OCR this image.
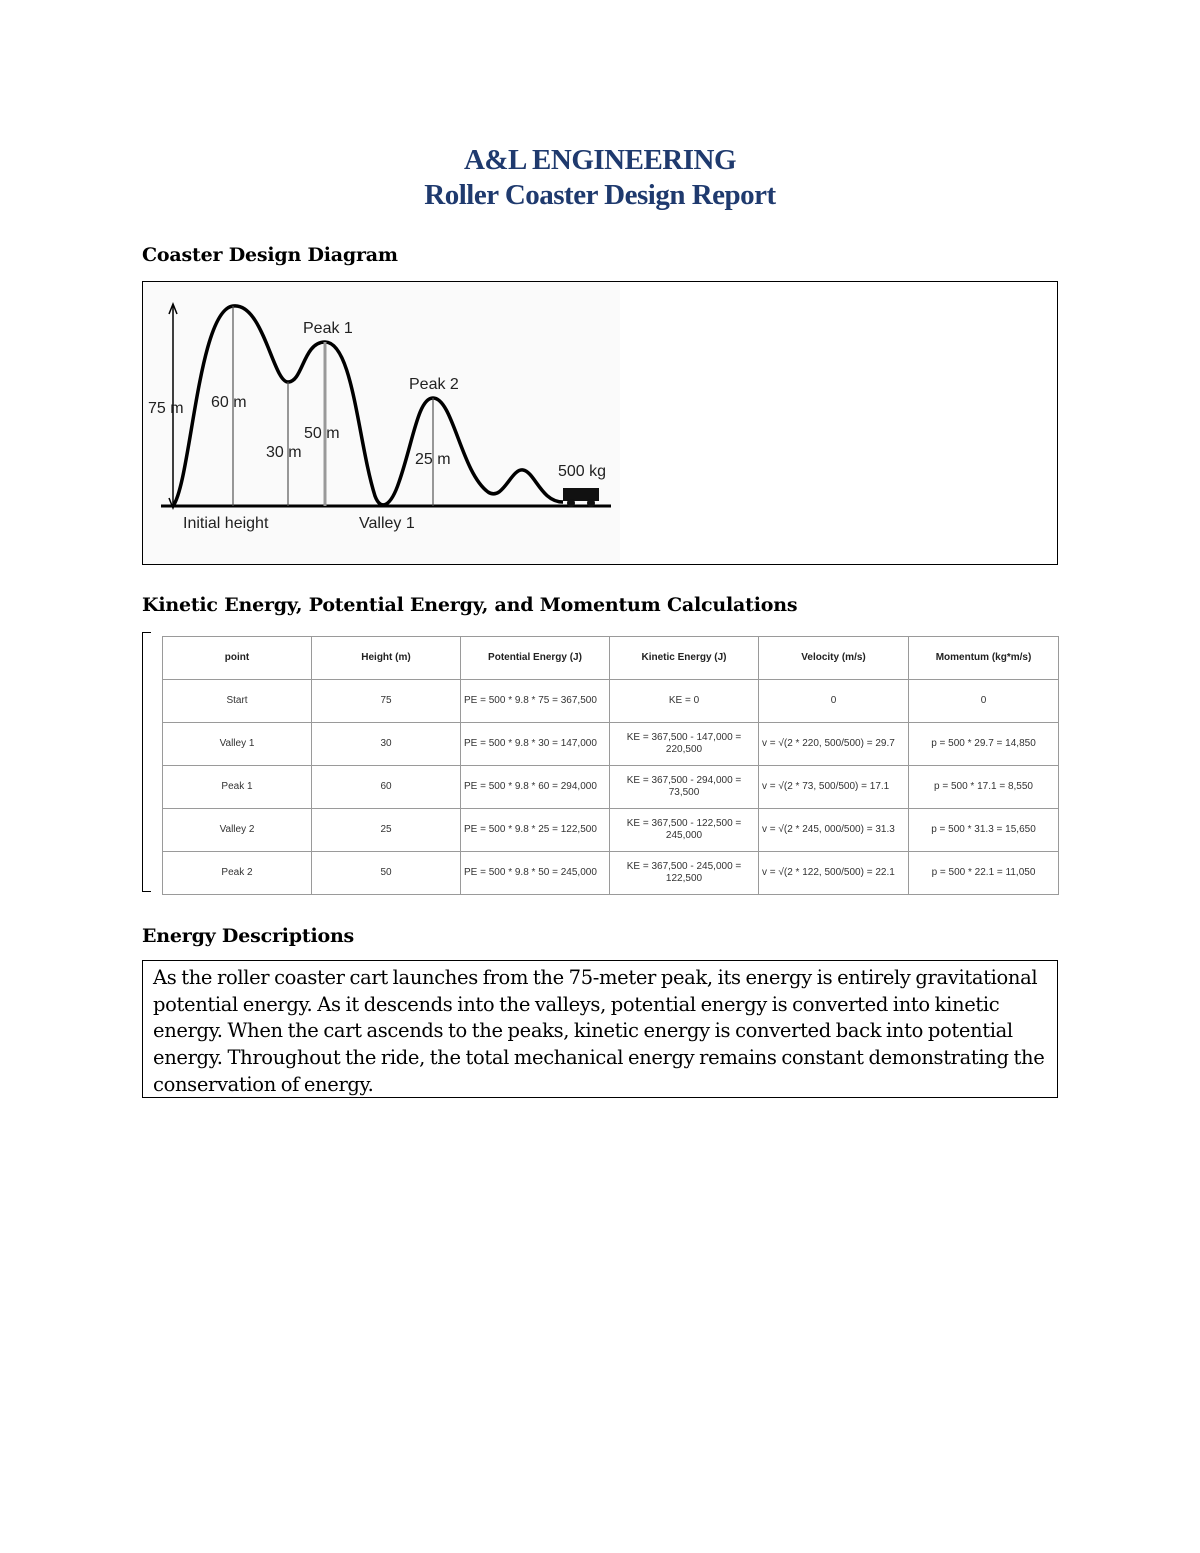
A&L ENGINEERING
Roller Coaster Design Report
Coaster Design Diagram
75 m 60 m
Peak 1
50 m
30 m
Peak 2
25 m
500 kg
Initial height	Valley 1
Kinetic Energy, Potential Energy, and Momentum Calculations
point	Height (m)	Potential Energy (J)	Kinetic Energy (J)	Velocity (m/s)	Momentum (kg*m/s)
Start	75	PE = 500 * 9.8 * 75 = 367,500	KE = 0	0	0
Valley 1	30	PE = 500 * 9.8 * 30 = 147,000	KE = 367,500 - 147,000 = 220,500	v = √(2 * 220, 500/500) = 29.7	p = 500 * 29.7 = 14,850
Peak 1	60	PE = 500 * 9.8 * 60 = 294,000	KE = 367,500 - 294,000 = 73,500	v = √(2 * 73, 500/500) = 17.1	p = 500 * 17.1 = 8,550
Valley 2	25	PE = 500 * 9.8 * 25 = 122,500	KE = 367,500 - 122,500 = 245,000	v = √(2 * 245, 000/500) = 31.3	p = 500 * 31.3 = 15,650
Peak 2	50	PE = 500 * 9.8 * 50 = 245,000	KE = 367,500 - 245,000 = 122,500	v = √(2 * 122, 500/500) = 22.1	p = 500 * 22.1 = 11,050
Energy Descriptions
As the roller coaster cart launches from the 75-meter peak, its energy is entirely gravitational potential energy. As it descends into the valleys, potential energy is converted into kinetic energy. When the cart ascends to the peaks, kinetic energy is converted back into potential energy. Throughout the ride, the total mechanical energy remains constant demonstrating the conservation of energy.
